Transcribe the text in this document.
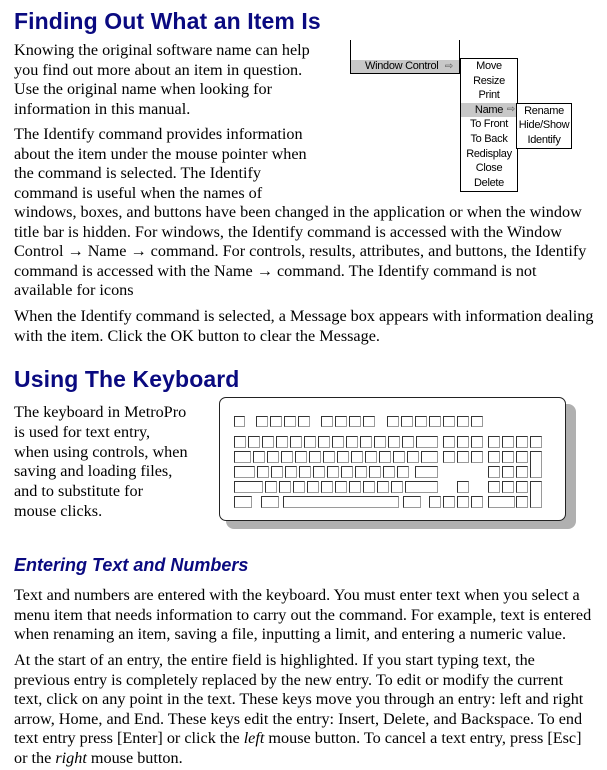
Finding Out What an Item Is
Knowing the original software name can help
you find out more about an item in question.
Use the original name when looking for
information in this manual.
The Identify command provides information
about the item under the mouse pointer when
the command is selected. The Identify
command is useful when the names of
windows, boxes, and buttons have been changed in the application or when the window
title bar is hidden. For windows, the Identify command is accessed with the Window
Control → Name → command. For controls, results, attributes, and buttons, the Identify
command is accessed with the Name → command. The Identify command is not
available for icons
When the Identify command is selected, a Message box appears with information dealing
with the item. Click the OK button to clear the Message.
Window Control ⇨	Move
Resize
Print
Name ⇨
To Front
To Back
Redisplay
Close
Delete
Rename
Hide/Show
Identify
Using The Keyboard
The keyboard in MetroPro
is used for text entry,
when using controls, when
saving and loading files,
and to substitute for
mouse clicks.
Entering Text and Numbers
Text and numbers are entered with the keyboard. You must enter text when you select a
menu item that needs information to carry out the command. For example, text is entered
when renaming an item, saving a file, inputting a limit, and entering a numeric value.
At the start of an entry, the entire field is highlighted. If you start typing text, the
previous entry is completely replaced by the new entry. To edit or modify the current
text, click on any point in the text. These keys move you through an entry: left and right
arrow, Home, and End. These keys edit the entry: Insert, Delete, and Backspace. To end
text entry press [Enter] or click the left mouse button. To cancel a text entry, press [Esc]
or the right mouse button.
